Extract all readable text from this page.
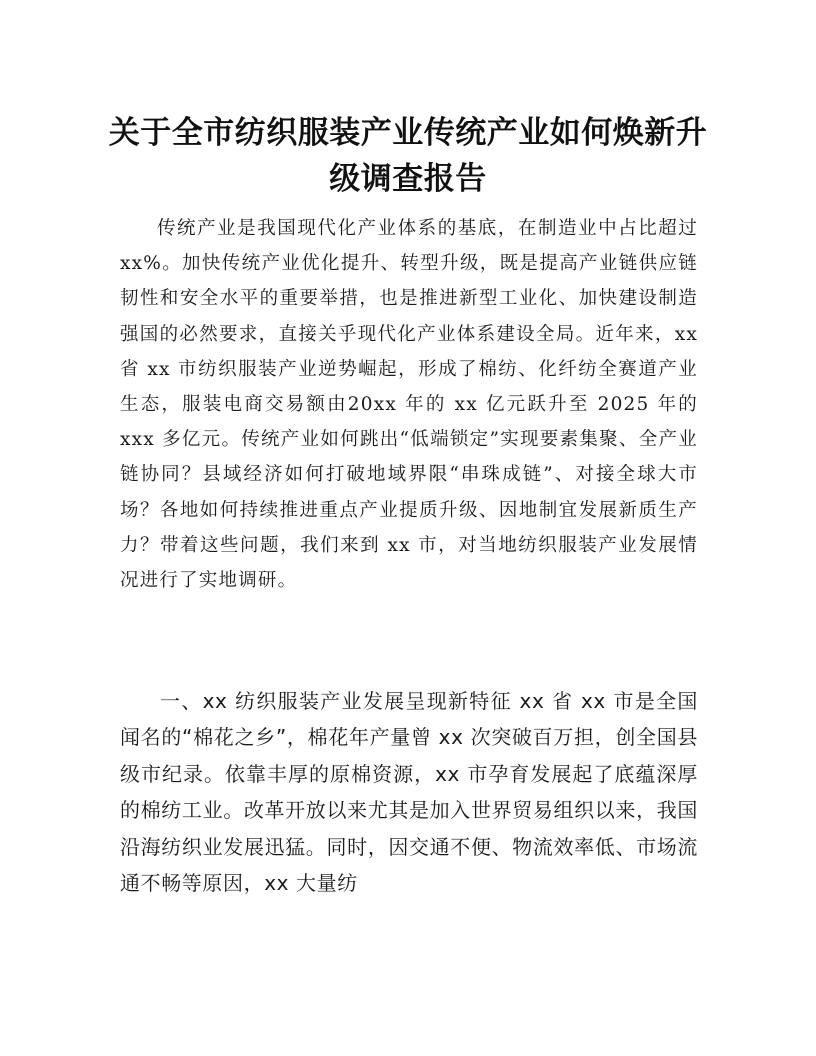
关于全市纺织服装产业传统产业如何焕新升级调查报告

传统产业是我国现代化产业体系的基底，在制造业中占比超过 xx%。加快传统产业优化提升、转型升级，既是提高产业链供应链韧性和安全水平的重要举措，也是推进新型工业化、加快建设制造强国的必然要求，直接关乎现代化产业体系建设全局。近年来，xx 省 xx 市纺织服装产业逆势崛起，形成了棉纺、化纤纺全赛道产业生态，服装电商交易额由20xx 年的 xx 亿元跃升至 2025 年的 xxx 多亿元。传统产业如何跳出“低端锁定”实现要素集聚、全产业链协同？县域经济如何打破地域界限“串珠成链”、对接全球大市场？各地如何持续推进重点产业提质升级、因地制宜发展新质生产力？带着这些问题，我们来到 xx 市，对当地纺织服装产业发展情况进行了实地调研。

一、xx 纺织服装产业发展呈现新特征 xx 省 xx 市是全国闻名的“棉花之乡”，棉花年产量曾 xx 次突破百万担，创全国县级市纪录。依靠丰厚的原棉资源，xx 市孕育发展起了底蕴深厚的棉纺工业。改革开放以来尤其是加入世界贸易组织以来，我国沿海纺织业发展迅猛。同时，因交通不便、物流效率低、市场流通不畅等原因，xx 大量纺
